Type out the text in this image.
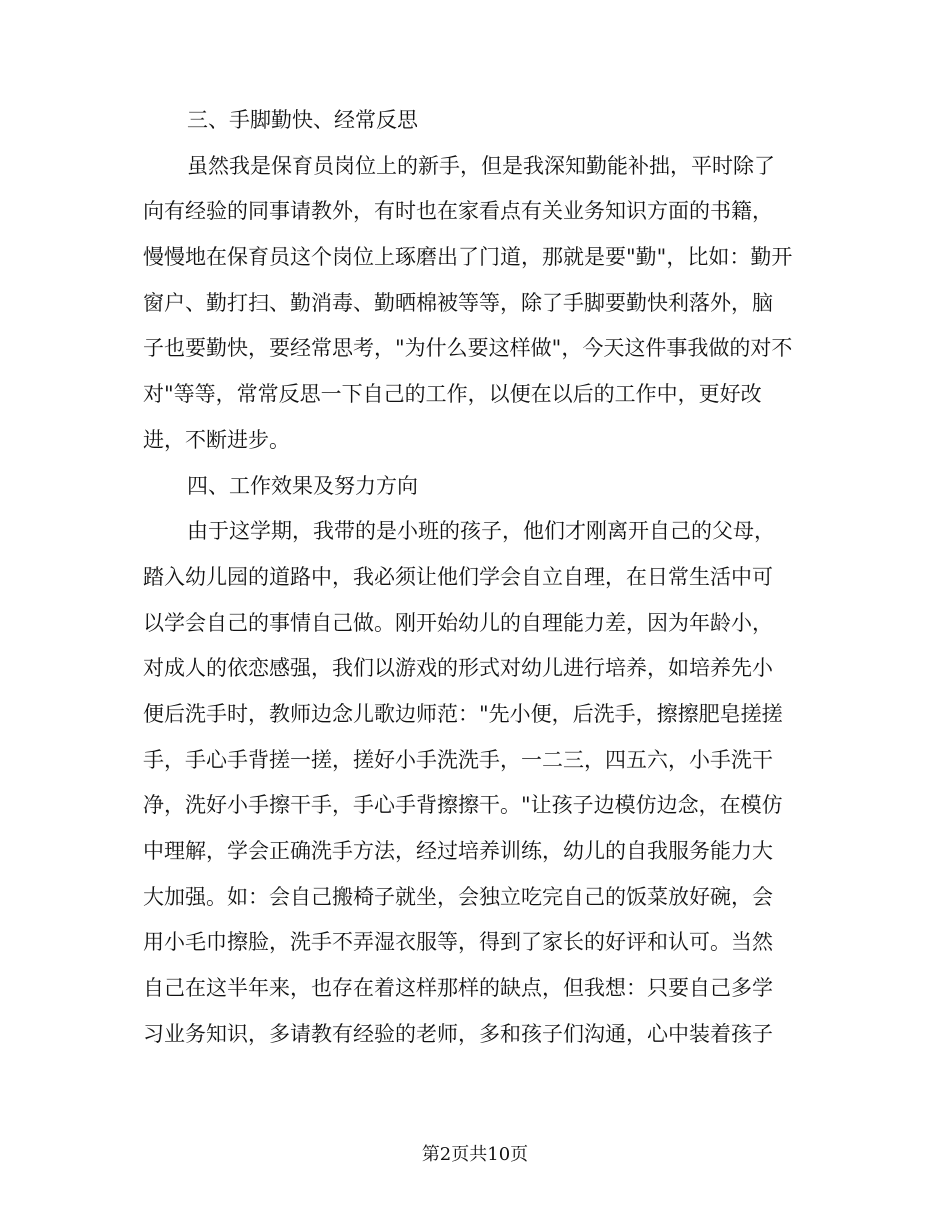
三、手脚勤快、经常反思
虽然我是保育员岗位上的新手，但是我深知勤能补拙，平时除了
向有经验的同事请教外，有时也在家看点有关业务知识方面的书籍，
慢慢地在保育员这个岗位上琢磨出了门道，那就是要"勤"，比如：勤开
窗户、勤打扫、勤消毒、勤晒棉被等等，除了手脚要勤快利落外，脑
子也要勤快，要经常思考，"为什么要这样做"，今天这件事我做的对不
对"等等，常常反思一下自己的工作，以便在以后的工作中，更好改
进，不断进步。
四、工作效果及努力方向
由于这学期，我带的是小班的孩子，他们才刚离开自己的父母，
踏入幼儿园的道路中，我必须让他们学会自立自理，在日常生活中可
以学会自己的事情自己做。刚开始幼儿的自理能力差，因为年龄小，
对成人的依恋感强，我们以游戏的形式对幼儿进行培养，如培养先小
便后洗手时，教师边念儿歌边师范："先小便，后洗手，擦擦肥皂搓搓
手，手心手背搓一搓，搓好小手洗洗手，一二三，四五六，小手洗干
净，洗好小手擦干手，手心手背擦擦干。"让孩子边模仿边念，在模仿
中理解，学会正确洗手方法，经过培养训练，幼儿的自我服务能力大
大加强。如：会自己搬椅子就坐，会独立吃完自己的饭菜放好碗，会
用小毛巾擦脸，洗手不弄湿衣服等，得到了家长的好评和认可。当然
自己在这半年来，也存在着这样那样的缺点，但我想：只要自己多学
习业务知识，多请教有经验的老师，多和孩子们沟通，心中装着孩子
第2页共10页
